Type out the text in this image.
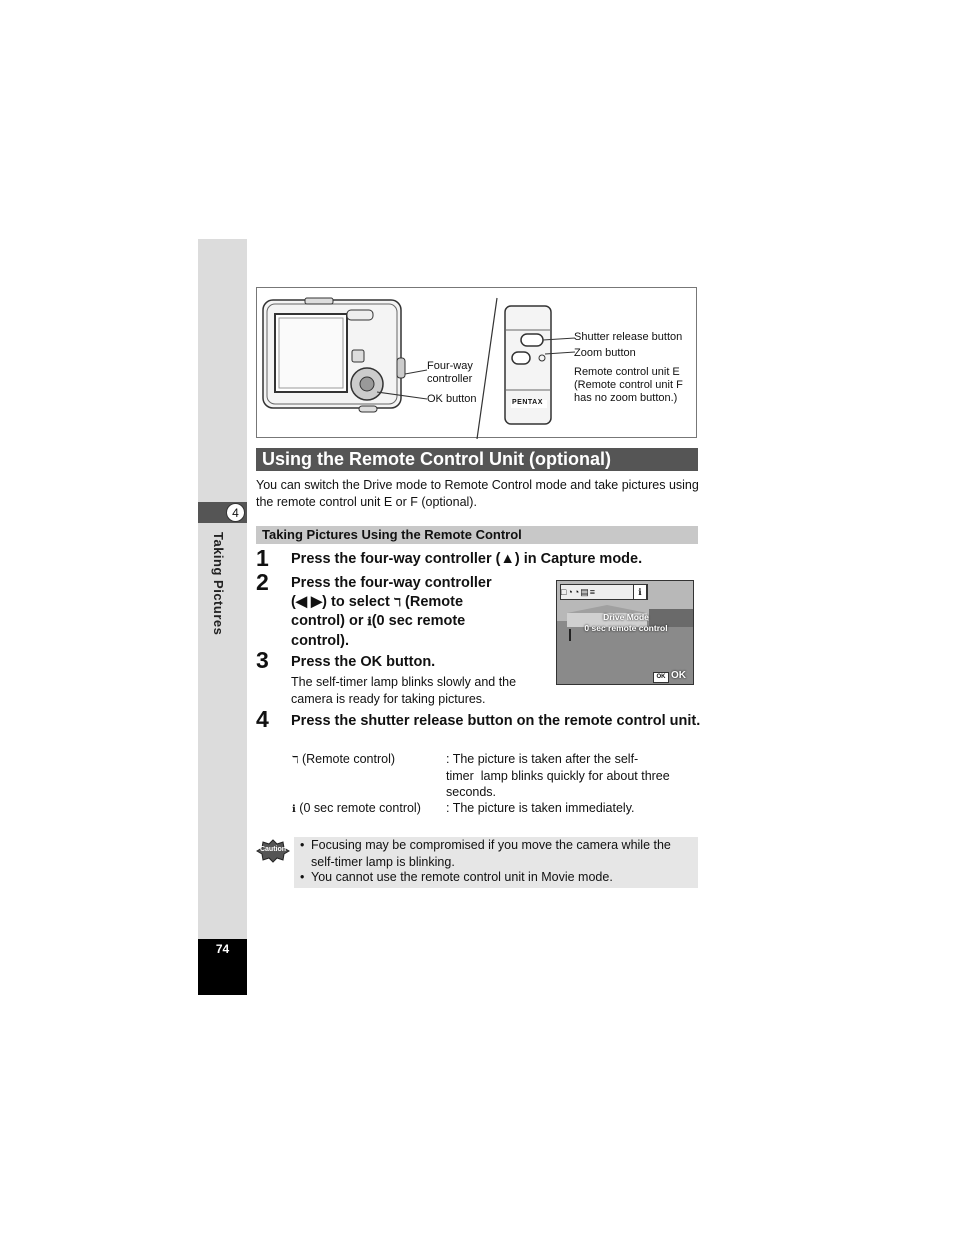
4
Taking Pictures
74
Four-way
controller
OK button
Shutter release button
Zoom button
Remote control unit E
(Remote control unit F
has no zoom button.)
PENTAX
Using the Remote Control Unit (optional)
You can switch the Drive mode to Remote Control mode and take pictures using the remote control unit E or F (optional).
Taking Pictures Using the Remote Control
1 Press the four-way controller (▲) in Capture mode.
2 Press the four-way controller
(◀ ▶) to select ℸ (Remote
control) or ℹ(0 sec remote
control).
□◔◔▤≡	ℹ
Drive Mode
0 sec remote control
OK OK
3 Press the OK button.
The self-timer lamp blinks slowly and the camera is ready for taking pictures.
4 Press the shutter release button on the remote control unit.
ℸ (Remote control)	: The picture is taken after the self-timer  lamp blinks quickly for about three seconds.
ℹ (0 sec remote control) : The picture is taken immediately.
Caution	• Focusing may be compromised if you move the camera while the self-timer lamp is blinking.
• You cannot use the remote control unit in Movie mode.
